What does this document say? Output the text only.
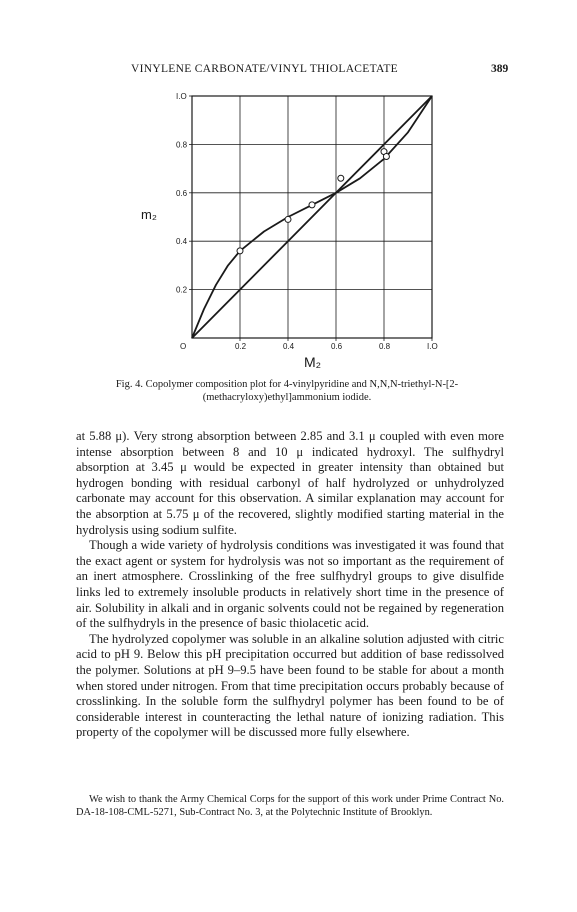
VINYLENE CARBONATE/VINYL THIOLACETATE	389
O	0.2	0.4	0.6	0.8	I.O
0.2
0.4
0.6
0.8
I.O
m₂
M₂
Fig. 4. Copolymer composition plot for 4-vinylpyridine and N,N,N-triethyl-N-[2-
(methacryloxy)ethyl]ammonium iodide.

at 5.88 μ). Very strong absorption between 2.85 and 3.1 μ coupled with even more intense absorption between 8 and 10 μ indicated hydroxyl. The sulfhydryl absorption at 3.45 μ would be expected in greater intensity than obtained but hydrogen bonding with residual carbonyl of half hydrolyzed or unhydrolyzed carbonate may account for this observation. A similar explanation may account for the absorption at 5.75 μ of the recovered, slightly modified starting material in the hydrolysis using sodium sulfite.

Though a wide variety of hydrolysis conditions was investigated it was found that the exact agent or system for hydrolysis was not so important as the requirement of an inert atmosphere. Crosslinking of the free sulfhydryl groups to give disulfide links led to extremely insoluble products in relatively short time in the presence of air. Solubility in alkali and in organic solvents could not be regained by regeneration of the sulfhydryls in the presence of basic thiolacetic acid.

The hydrolyzed copolymer was soluble in an alkaline solution adjusted with citric acid to pH 9. Below this pH precipitation occurred but addition of base redissolved the polymer. Solutions at pH 9–9.5 have been found to be stable for about a month when stored under nitrogen. From that time precipitation occurs probably because of crosslinking. In the soluble form the sulfhydryl polymer has been found to be of considerable interest in counteracting the lethal nature of ionizing radiation. This property of the copolymer will be discussed more fully elsewhere.

We wish to thank the Army Chemical Corps for the support of this work under Prime Contract No. DA-18-108-CML-5271, Sub-Contract No. 3, at the Polytechnic Institute of Brooklyn.
